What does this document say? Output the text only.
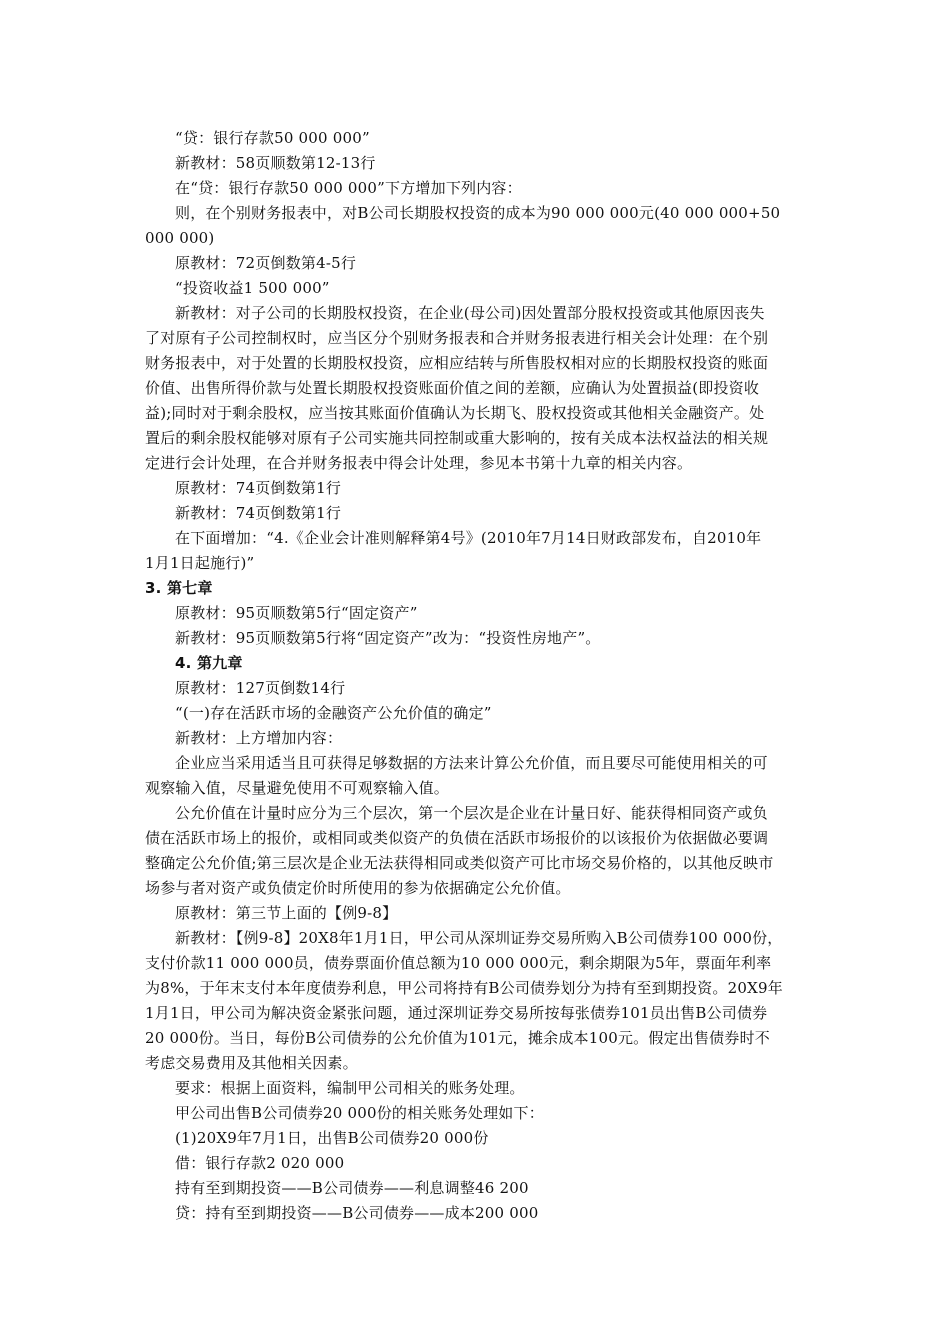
“贷：银行存款50 000 000”
新教材：58页顺数第12-13行
在“贷：银行存款50 000 000”下方增加下列内容：
则，在个别财务报表中，对B公司长期股权投资的成本为90 000 000元(40 000 000+50
000 000)
原教材：72页倒数第4-5行
“投资收益1 500 000”
新教材：对子公司的长期股权投资，在企业(母公司)因处置部分股权投资或其他原因丧失
了对原有子公司控制权时，应当区分个别财务报表和合并财务报表进行相关会计处理：在个别
财务报表中，对于处置的长期股权投资，应相应结转与所售股权相对应的长期股权投资的账面
价值、出售所得价款与处置长期股权投资账面价值之间的差额，应确认为处置损益(即投资收
益);同时对于剩余股权，应当按其账面价值确认为长期飞、股权投资或其他相关金融资产。处
置后的剩余股权能够对原有子公司实施共同控制或重大影响的，按有关成本法权益法的相关规
定进行会计处理，在合并财务报表中得会计处理，参见本书第十九章的相关内容。
原教材：74页倒数第1行
新教材：74页倒数第1行
在下面增加：“4.《企业会计准则解释第4号》(2010年7月14日财政部发布，自2010年
1月1日起施行)”
3. 第七章
原教材：95页顺数第5行“固定资产”
新教材：95页顺数第5行将“固定资产”改为：“投资性房地产”。
4. 第九章
原教材：127页倒数14行
“(一)存在活跃市场的金融资产公允价值的确定”
新教材：上方增加内容：
企业应当采用适当且可获得足够数据的方法来计算公允价值，而且要尽可能使用相关的可
观察输入值，尽量避免使用不可观察输入值。
公允价值在计量时应分为三个层次，第一个层次是企业在计量日好、能获得相同资产或负
债在活跃市场上的报价，或相同或类似资产的负债在活跃市场报价的以该报价为依据做必要调
整确定公允价值;第三层次是企业无法获得相同或类似资产可比市场交易价格的，以其他反映市
场参与者对资产或负债定价时所使用的参为依据确定公允价值。
原教材：第三节上面的【例9-8】
新教材：【例9-8】20X8年1月1日，甲公司从深圳证券交易所购入B公司债券100 000份，
支付价款11 000 000员，债券票面价值总额为10 000 000元，剩余期限为5年，票面年利率
为8%，于年末支付本年度债券利息，甲公司将持有B公司债券划分为持有至到期投资。20X9年
1月1日，甲公司为解决资金紧张问题，通过深圳证券交易所按每张债券101员出售B公司债券
20 000份。当日，每份B公司债券的公允价值为101元，摊余成本100元。假定出售债券时不
考虑交易费用及其他相关因素。
要求：根据上面资料，编制甲公司相关的账务处理。
甲公司出售B公司债券20 000份的相关账务处理如下：
(1)20X9年7月1日，出售B公司债券20 000份
借：银行存款2 020 000
持有至到期投资——B公司债券——利息调整46 200
贷：持有至到期投资——B公司债券——成本200 000
